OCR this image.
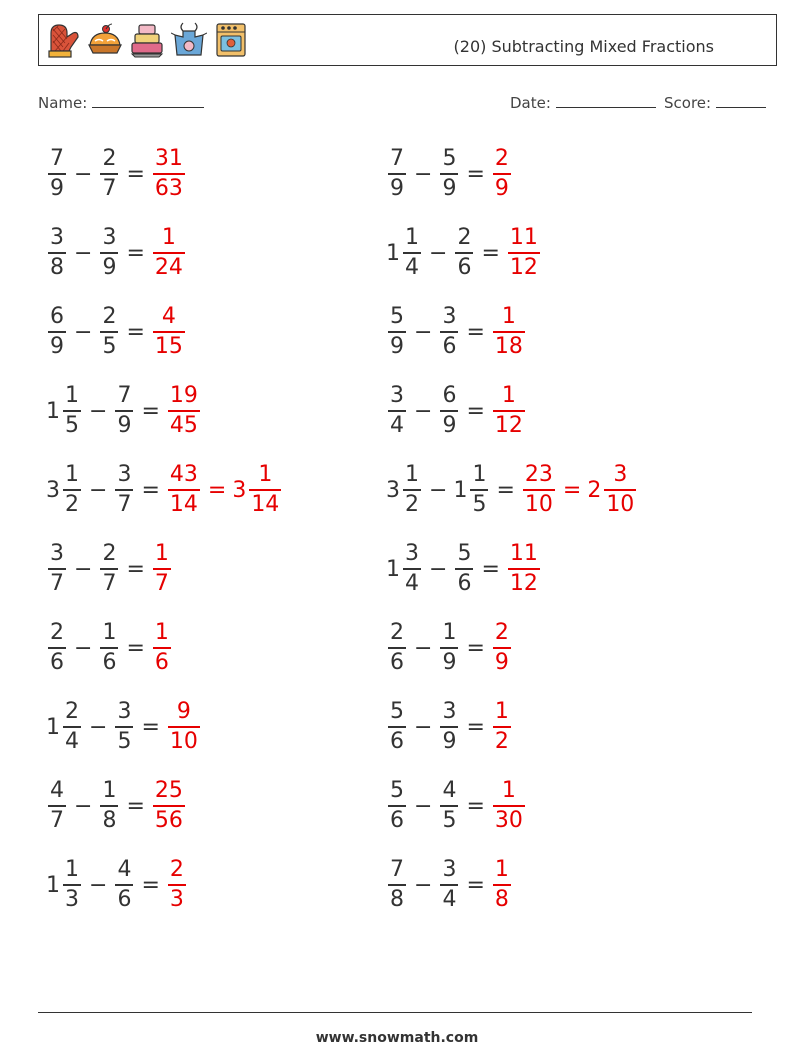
(20) Subtracting Mixed Fractions
Name:	Date:	Score:
$\frac{7}{9} - \frac{2}{7} = \frac{31}{63}$	$\frac{7}{9} - \frac{5}{9} = \frac{2}{9}$
$\frac{3}{8} - \frac{3}{9} = \frac{1}{24}$	$1 \frac{1}{4} - \frac{2}{6} = \frac{11}{12}$
$\frac{6}{9} - \frac{2}{5} = \frac{4}{15}$	$\frac{5}{9} - \frac{3}{6} = \frac{1}{18}$
$1 \frac{1}{5} - \frac{7}{9} = \frac{19}{45}$	$\frac{3}{4} - \frac{6}{9} = \frac{1}{12}$
$3 \frac{1}{2} - \frac{3}{7} = \frac{43}{14} = 3 \frac{1}{14}$	$3 \frac{1}{2} - 1 \frac{1}{5} = \frac{23}{10} = 2 \frac{3}{10}$
$\frac{3}{7} - \frac{2}{7} = \frac{1}{7}$	$1 \frac{3}{4} - \frac{5}{6} = \frac{11}{12}$
$\frac{2}{6} - \frac{1}{6} = \frac{1}{6}$	$\frac{2}{6} - \frac{1}{9} = \frac{2}{9}$
$1 \frac{2}{4} - \frac{3}{5} = \frac{9}{10}$	$\frac{5}{6} - \frac{3}{9} = \frac{1}{2}$
$\frac{4}{7} - \frac{1}{8} = \frac{25}{56}$	$\frac{5}{6} - \frac{4}{5} = \frac{1}{30}$
$1 \frac{1}{3} - \frac{4}{6} = \frac{2}{3}$	$\frac{7}{8} - \frac{3}{4} = \frac{1}{8}$
www.snowmath.com
